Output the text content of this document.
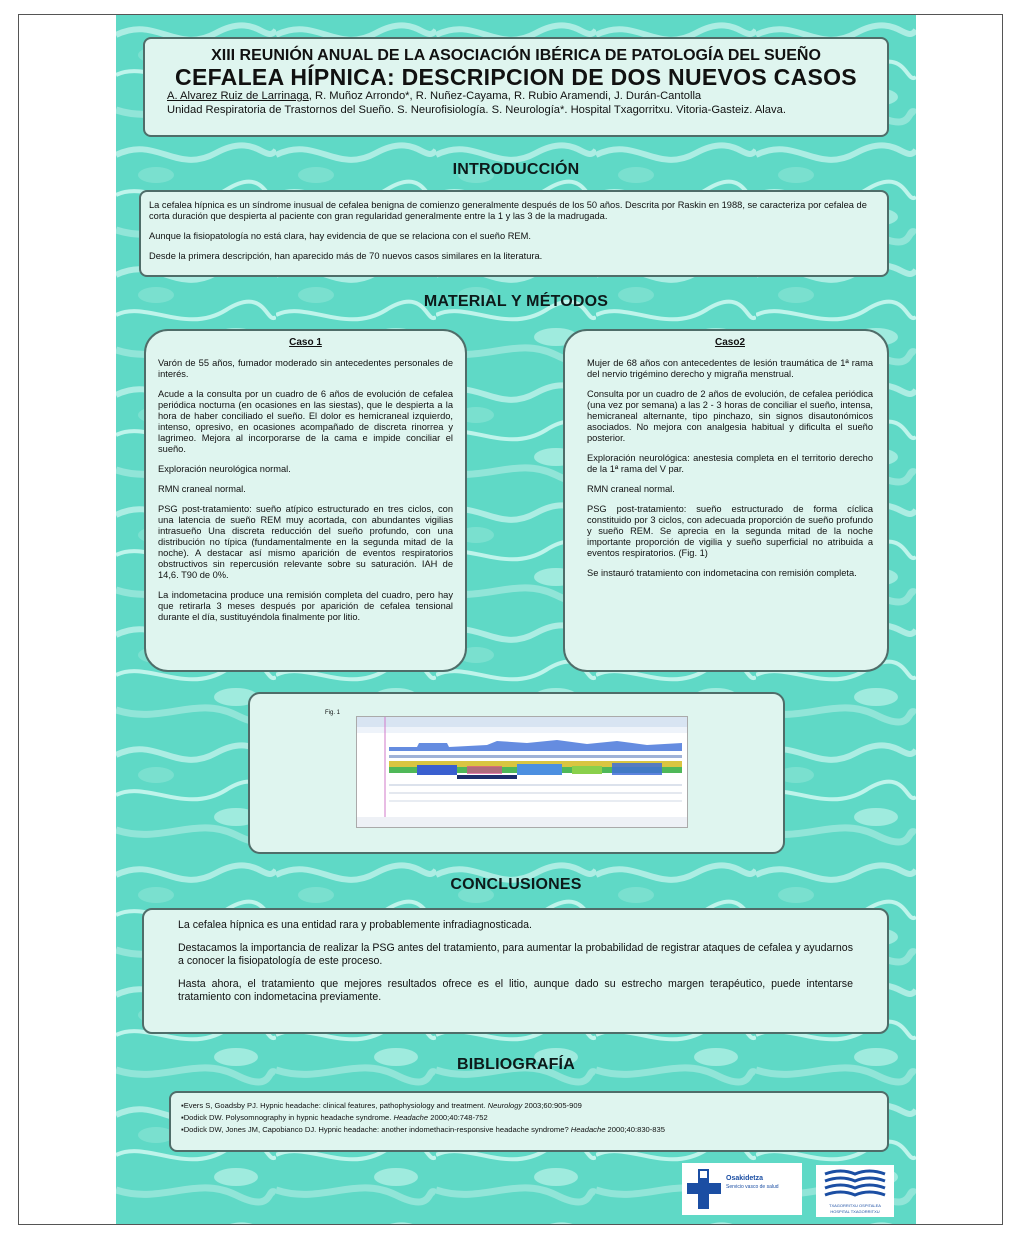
XIII REUNIÓN ANUAL DE LA ASOCIACIÓN IBÉRICA DE PATOLOGÍA DEL SUEÑO
CEFALEA HÍPNICA: DESCRIPCION DE DOS NUEVOS CASOS
A. Alvarez Ruiz de Larrinaga, R. Muñoz Arrondo*, R. Nuñez-Cayama, R. Rubio Aramendi, J. Durán-Cantolla
Unidad Respiratoria de Trastornos del Sueño. S. Neurofisiología. S. Neurología*. Hospital Txagorritxu. Vitoria-Gasteiz. Alava.
INTRODUCCIÓN

La cefalea hípnica es un síndrome inusual de cefalea benigna de comienzo generalmente después de los 50 años. Descrita por Raskin en 1988, se caracteriza por cefalea de corta duración que despierta al paciente con gran regularidad generalmente entre la 1 y las 3 de la madrugada.

Aunque la fisiopatología no está clara, hay evidencia de que se relaciona con el sueño REM.

Desde la primera descripción, han aparecido más de 70 nuevos casos similares en la literatura.

MATERIAL Y MÉTODOS
Caso 1

Varón de 55 años, fumador moderado sin antecedentes personales de interés.

Acude a la consulta por un cuadro de 6 años de evolución de cefalea periódica nocturna (en ocasiones en las siestas), que le despierta a la hora de haber conciliado el sueño. El dolor es hemicraneal izquierdo, intenso, opresivo, en ocasiones acompañado de discreta rinorrea y lagrimeo. Mejora al incorporarse de la cama e impide conciliar el sueño.

Exploración neurológica normal.

RMN craneal normal.

PSG post-tratamiento: sueño atípico estructurado en tres ciclos, con una latencia de sueño REM muy acortada, con abundantes vigilias intrasueño Una discreta reducción del sueño profundo, con una distribución no típica (fundamentalmente en la segunda mitad de la noche). A destacar así mismo aparición de eventos respiratorios obstructivos sin repercusión relevante sobre su saturación. IAH de 14,6. T90 de 0%.

La indometacina produce una remisión completa del cuadro, pero hay que retirarla 3 meses después por aparición de cefalea tensional durante el día, sustituyéndola finalmente por litio.

Caso2

Mujer de 68 años con antecedentes de lesión traumática de 1ª rama del nervio trigémino derecho y migraña menstrual.

Consulta por un cuadro de 2 años de evolución, de cefalea periódica (una vez por semana) a las 2 - 3 horas de conciliar el sueño, intensa, hemicraneal alternante, tipo pinchazo, sin signos disautonómicos asociados. No mejora con analgesia habitual y dificulta el sueño posterior.

Exploración neurológica: anestesia completa en el territorio derecho de la 1ª rama del V par.

RMN craneal normal.

PSG post-tratamiento: sueño estructurado de forma cíclica constituido por 3 ciclos, con adecuada proporción de sueño profundo y sueño REM. Se aprecia en la segunda mitad de la noche importante proporción de vigilia y sueño superficial no atribuida a eventos respiratorios. (Fig. 1)

Se instauró tratamiento con indometacina con remisión completa.

Fig. 1
CONCLUSIONES

La cefalea hípnica es una entidad rara y probablemente infradiagnosticada.

Destacamos la importancia de realizar la PSG antes del tratamiento, para aumentar la probabilidad de registrar ataques de cefalea y ayudarnos a conocer la fisiopatología de este proceso.

Hasta ahora, el tratamiento que mejores resultados ofrece es el litio, aunque dado su estrecho margen terapéutico, puede intentarse tratamiento con indometacina previamente.

BIBLIOGRAFÍA

▪Evers S, Goadsby PJ. Hypnic headache: clinical features, pathophysiology and treatment. Neurology 2003;60:905-909

▪Dodick DW. Polysomnography in hypnic headache syndrome. Headache 2000;40:748-752

▪Dodick DW, Jones JM, Capobianco DJ. Hypnic headache: another indomethacin-responsive headache syndrome? Headache 2000;40:830-835

Osakidetza
Servicio vasco de salud
TXAGORRITXU OSPITALEA
HOSPITAL TXAGORRITXU
